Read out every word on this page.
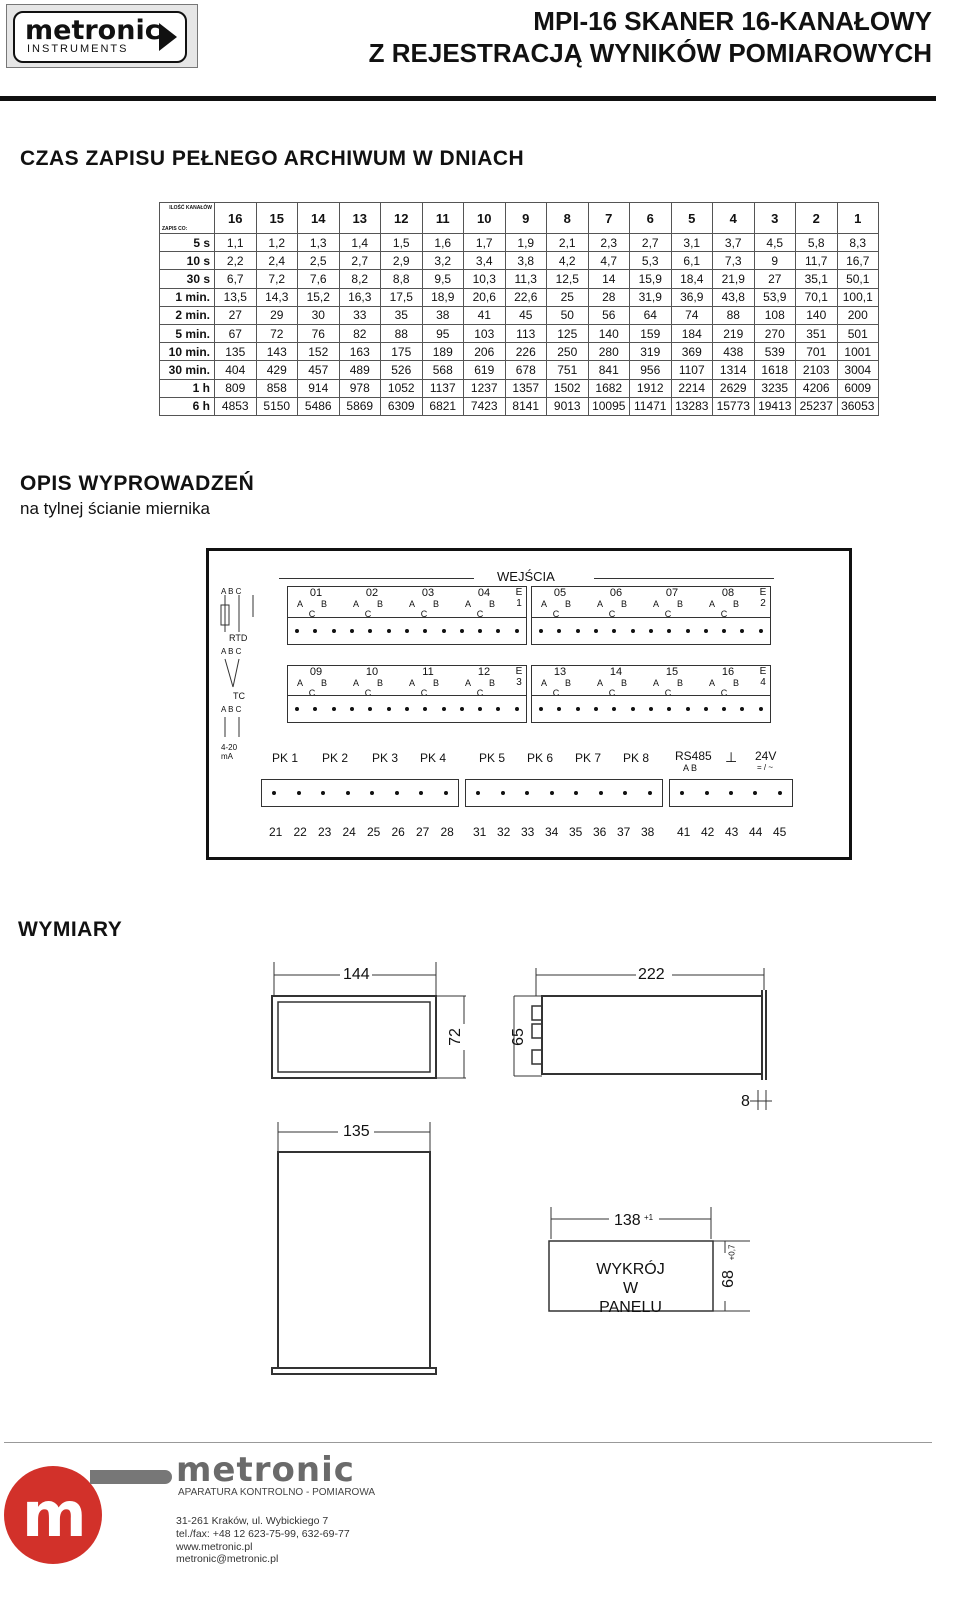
metronic
INSTRUMENTS
MPI-16 SKANER 16-KANAŁOWY
Z REJESTRACJĄ WYNIKÓW POMIAROWYCH
CZAS ZAPISU PEŁNEGO ARCHIWUM W DNIACH
ILOŚĆ KANAŁÓW
ZAPIS CO:	16	15	14	13	12	11	10	9	8	7	6	5	4	3	2	1
5 s	1,1	1,2	1,3	1,4	1,5	1,6	1,7	1,9	2,1	2,3	2,7	3,1	3,7	4,5	5,8	8,3
10 s	2,2	2,4	2,5	2,7	2,9	3,2	3,4	3,8	4,2	4,7	5,3	6,1	7,3	9	11,7	16,7
30 s	6,7	7,2	7,6	8,2	8,8	9,5	10,3	11,3	12,5	14	15,9	18,4	21,9	27	35,1	50,1
1 min.	13,5	14,3	15,2	16,3	17,5	18,9	20,6	22,6	25	28	31,9	36,9	43,8	53,9	70,1	100,1
2 min.	27	29	30	33	35	38	41	45	50	56	64	74	88	108	140	200
5 min.	67	72	76	82	88	95	103	113	125	140	159	184	219	270	351	501
10 min.	135	143	152	163	175	189	206	226	250	280	319	369	438	539	701	1001
30 min.	404	429	457	489	526	568	619	678	751	841	956	1107	1314	1618	2103	3004
1 h	809	858	914	978	1052	1137	1237	1357	1502	1682	1912	2214	2629	3235	4206	6009
6 h	4853	5150	5486	5869	6309	6821	7423	8141	9013	10095	11471	13283	15773	19413	25237	36053
OPIS WYPROWADZEŃ
na tylnej ścianie miernika
A B C
RTD
A B C
TC
A B C
4-20 mA
WEJŚCIA
01
A B C
02
A B C
03
A B C
04
A B C
E 1
05
A B C
06
A B C
07
A B C
08
A B C
E 2
09
A B C
10
A B C
11
A B C
12
A B C
E 3
13
A B C
14
A B C
15
A B C
16
A B C
E 4
PK 1 PK 2 PK 3 PK 4	PK 5 PK 6 PK 7 PK 8 RS485
A B
⊥ 24V
= / ~
21 22 23 24 25 26 27 28 31 32 33 34 35 36 37 38 41 42 43 44 45
WYMIARY
144
72
222
65
8
135
138 +1
WYKRÓJ
W PANELU
68
+0,7
m
metronic
APARATURA KONTROLNO - POMIAROWA
31-261 Kraków, ul. Wybickiego 7
tel./fax: +48 12 623-75-99, 632-69-77
www.metronic.pl
metronic@metronic.pl
